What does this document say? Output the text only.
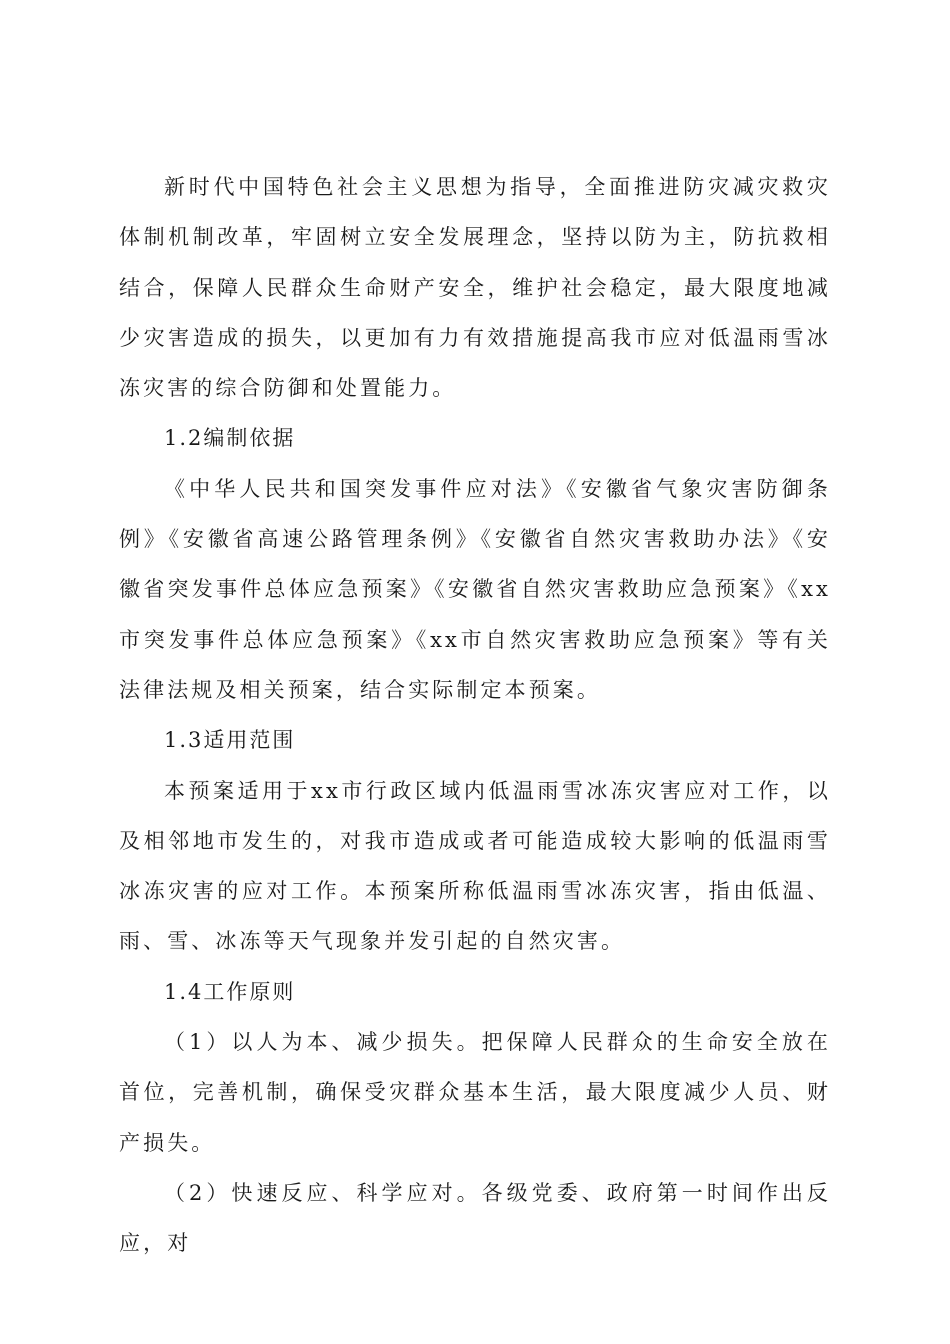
新时代中国特色社会主义思想为指导，全面推进防灾减灾救灾体制机制改革，牢固树立安全发展理念，坚持以防为主，防抗救相结合，保障人民群众生命财产安全，维护社会稳定，最大限度地减少灾害造成的损失，以更加有力有效措施提高我市应对低温雨雪冰冻灾害的综合防御和处置能力。

1.2编制依据

《中华人民共和国突发事件应对法》《安徽省气象灾害防御条例》《安徽省高速公路管理条例》《安徽省自然灾害救助办法》《安徽省突发事件总体应急预案》《安徽省自然灾害救助应急预案》《xx市突发事件总体应急预案》《xx市自然灾害救助应急预案》等有关法律法规及相关预案，结合实际制定本预案。

1.3适用范围

本预案适用于xx市行政区域内低温雨雪冰冻灾害应对工作，以及相邻地市发生的，对我市造成或者可能造成较大影响的低温雨雪冰冻灾害的应对工作。本预案所称低温雨雪冰冻灾害，指由低温、雨、雪、冰冻等天气现象并发引起的自然灾害。

1.4工作原则

（1）以人为本、减少损失。把保障人民群众的生命安全放在首位，完善机制，确保受灾群众基本生活，最大限度减少人员、财产损失。

（2）快速反应、科学应对。各级党委、政府第一时间作出反应，对
